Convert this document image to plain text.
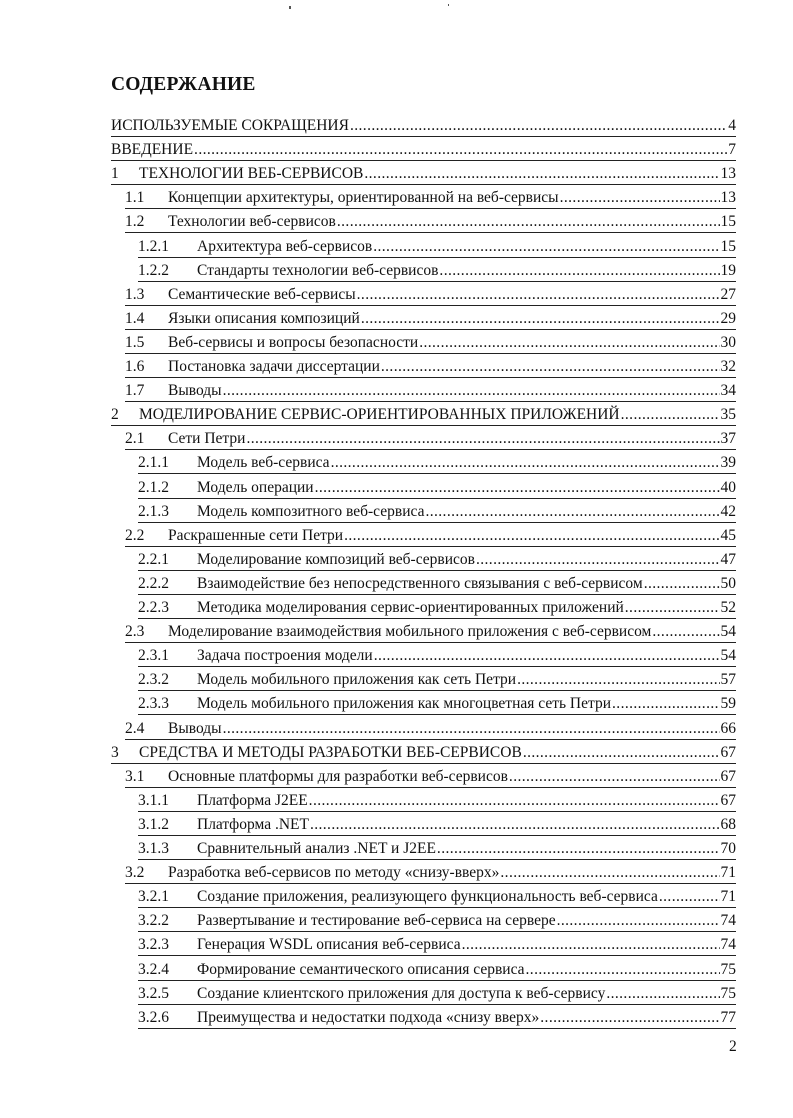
СОДЕРЖАНИЕ
ИСПОЛЬЗУЕМЫЕ СОКРАЩЕНИЯ .....	4
ВВЕДЕНИЕ .....	7
1 ТЕХНОЛОГИИ ВЕБ-СЕРВИСОВ .....	13
1.1 Концепции архитектуры, ориентированной на веб-сервисы .....	13
1.2 Технологии веб-сервисов .....	15
1.2.1 Архитектура веб-сервисов .....	15
1.2.2 Стандарты технологии веб-сервисов .....	19
1.3 Семантические веб-сервисы .....	27
1.4 Языки описания композиций .....	29
1.5 Веб-сервисы и вопросы безопасности .....	30
1.6 Постановка задачи диссертации .....	32
1.7 Выводы .....	34
2 МОДЕЛИРОВАНИЕ СЕРВИС-ОРИЕНТИРОВАННЫХ ПРИЛОЖЕНИЙ .....	35
2.1 Сети Петри .....	37
2.1.1 Модель веб-сервиса .....	39
2.1.2 Модель операции .....	40
2.1.3 Модель композитного веб-сервиса .....	42
2.2 Раскрашенные сети Петри .....	45
2.2.1 Моделирование композиций веб-сервисов .....	47
2.2.2 Взаимодействие без непосредственного связывания с веб-сервисом .....	50
2.2.3 Методика моделирования сервис-ориентированных приложений .....	52
2.3 Моделирование взаимодействия мобильного приложения с веб-сервисом .....	54
2.3.1 Задача построения модели .....	54
2.3.2 Модель мобильного приложения как сеть Петри .....	57
2.3.3 Модель мобильного приложения как многоцветная сеть Петри .....	59
2.4 Выводы .....	66
3 СРЕДСТВА И МЕТОДЫ РАЗРАБОТКИ ВЕБ-СЕРВИСОВ .....	67
3.1 Основные платформы для разработки веб-сервисов .....	67
3.1.1 Платформа J2EE .....	67
3.1.2 Платформа .NET .....	68
3.1.3 Сравнительный анализ .NET и J2EE .....	70
3.2 Разработка веб-сервисов по методу «снизу-вверх» .....	71
3.2.1 Создание приложения, реализующего функциональность веб-сервиса .....	71
3.2.2 Развертывание и тестирование веб-сервиса на сервере .....	74
3.2.3 Генерация WSDL описания веб-сервиса .....	74
3.2.4 Формирование семантического описания сервиса .....	75
3.2.5 Создание клиентского приложения для доступа к веб-сервису .....	75
3.2.6 Преимущества и недостатки подхода «снизу вверх» .....	77
2
